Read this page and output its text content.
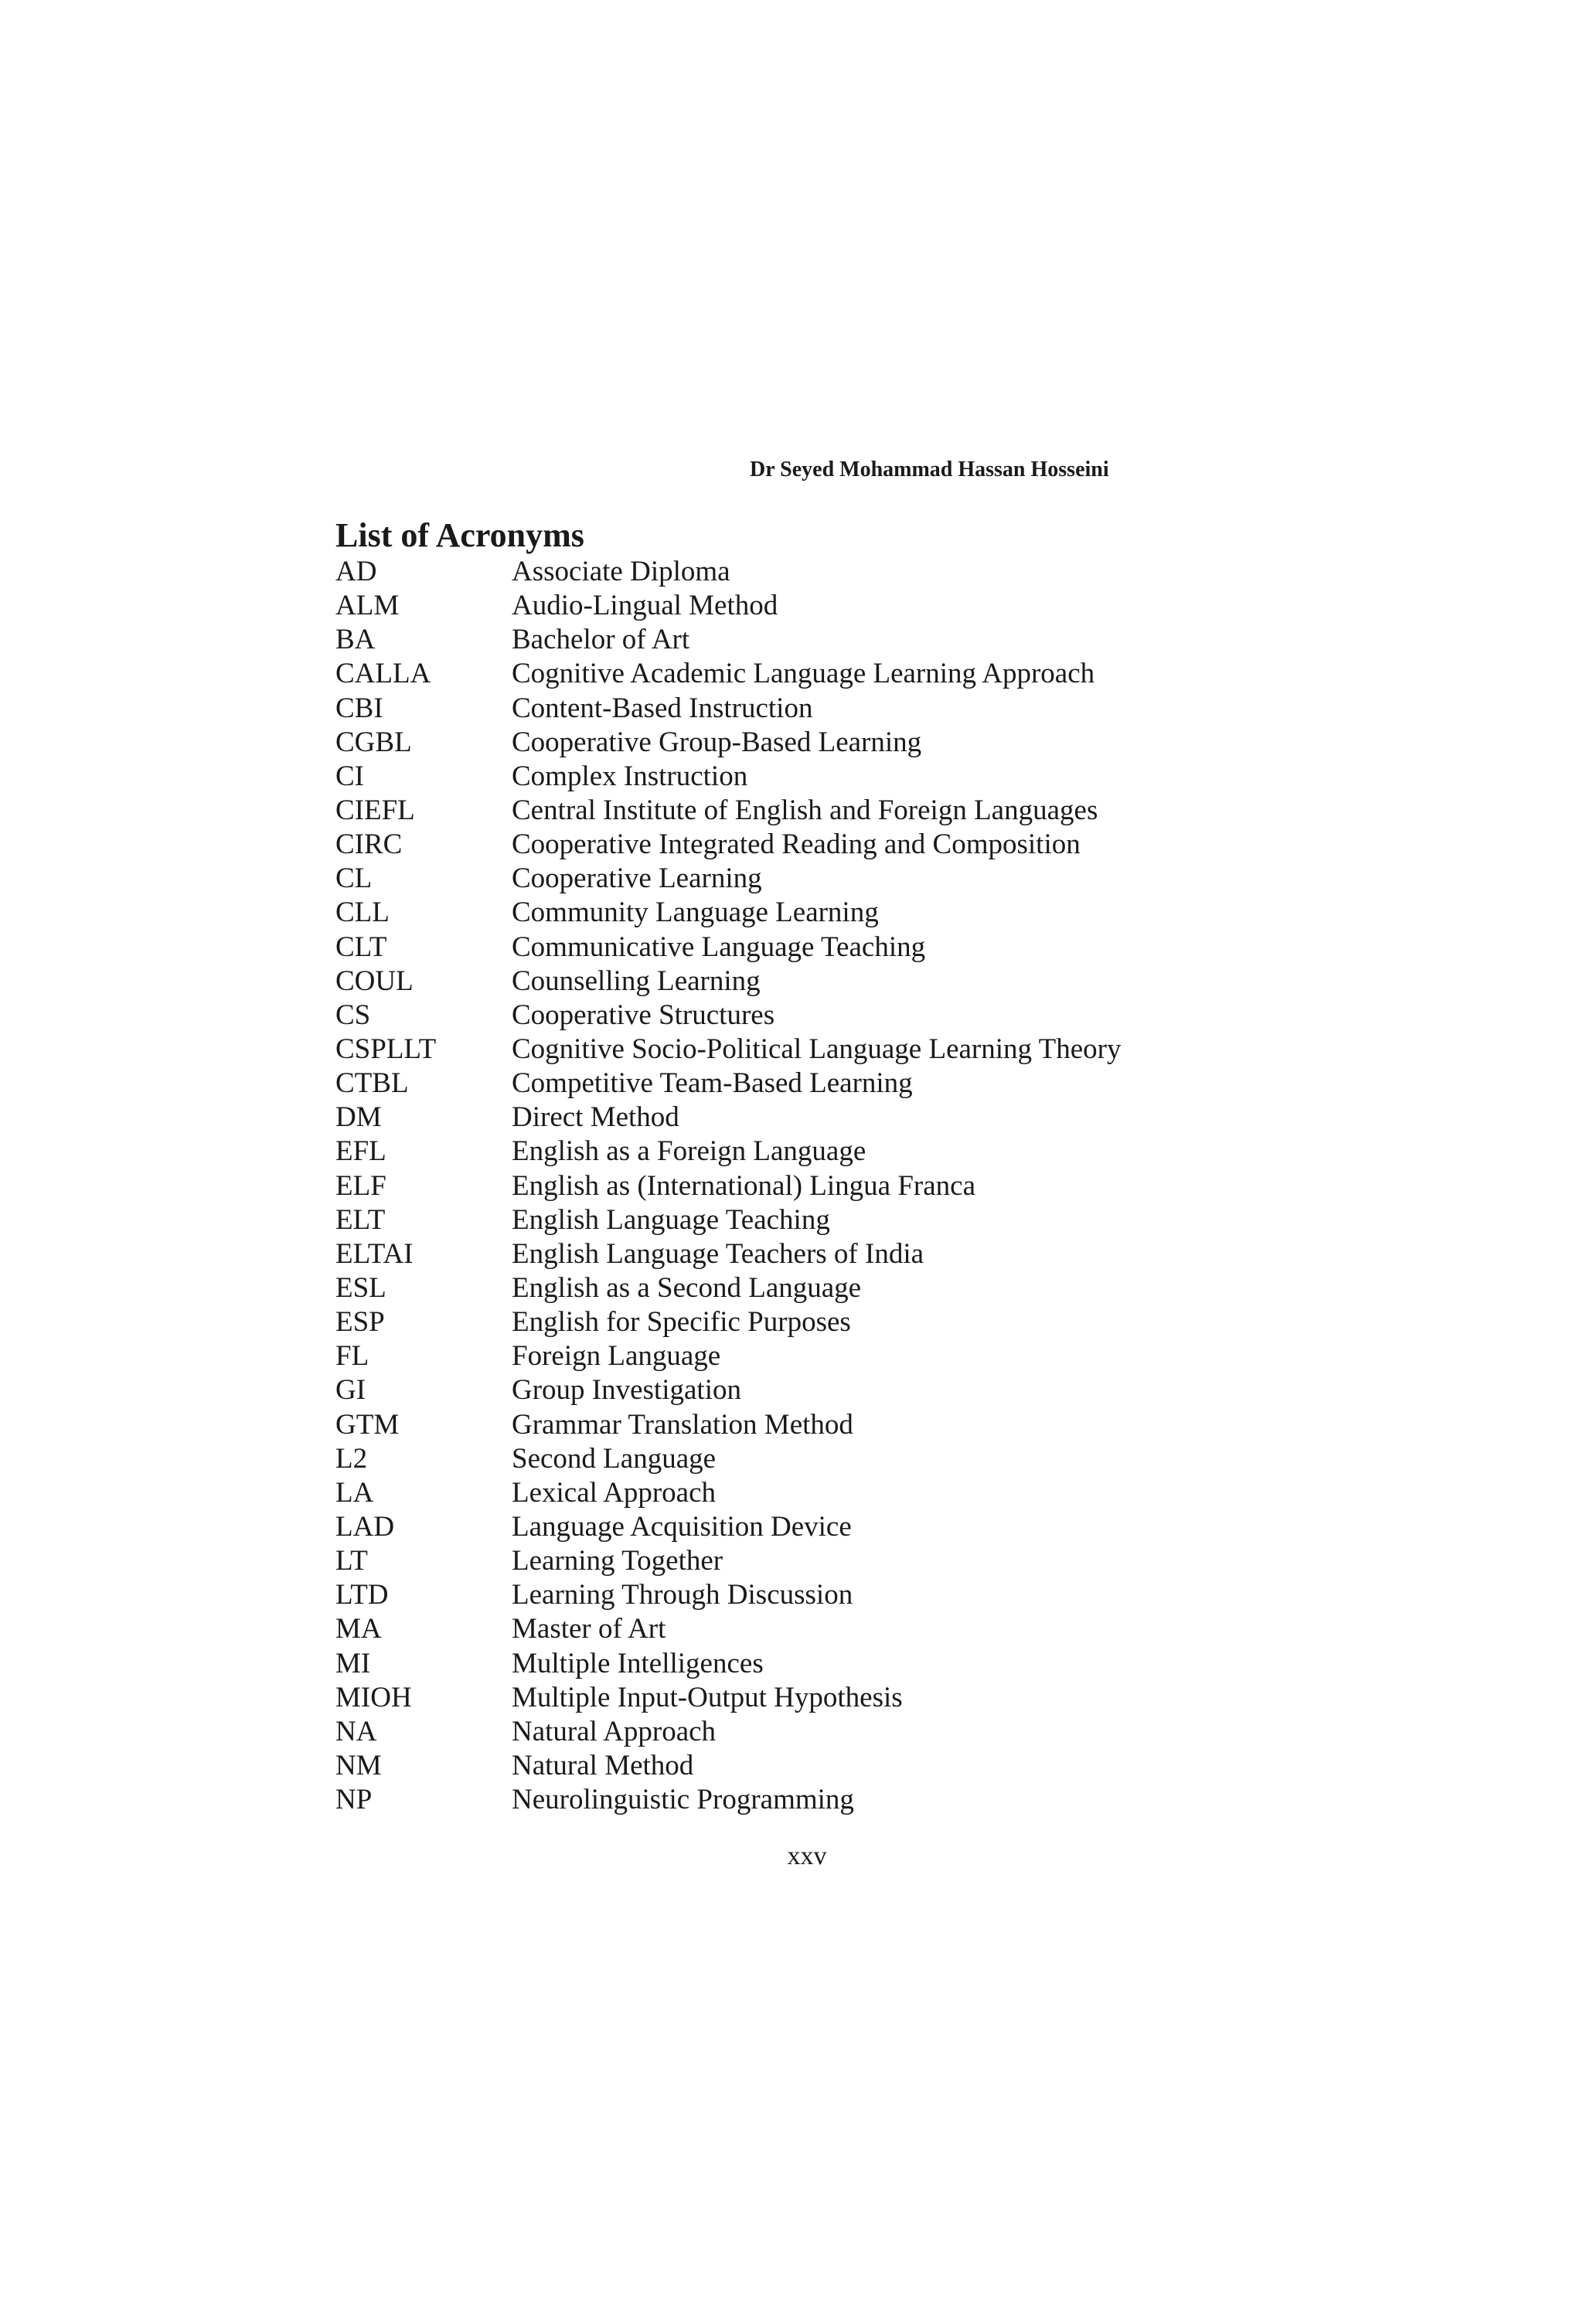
Dr Seyed Mohammad Hassan Hosseini
List of Acronyms
AD	Associate Diploma
ALM	Audio-Lingual Method
BA	Bachelor of Art
CALLA	Cognitive Academic Language Learning Approach
CBI	Content-Based Instruction
CGBL	Cooperative Group-Based Learning
CI	Complex Instruction
CIEFL	Central Institute of English and Foreign Languages
CIRC	Cooperative Integrated Reading and Composition
CL	Cooperative Learning
CLL	Community Language Learning
CLT	Communicative Language Teaching
COUL	Counselling Learning
CS	Cooperative Structures
CSPLLT	Cognitive Socio-Political Language Learning Theory
CTBL	Competitive Team-Based Learning
DM	Direct Method
EFL	English as a Foreign Language
ELF	English as (International) Lingua Franca
ELT	English Language Teaching
ELTAI	English Language Teachers of India
ESL	English as a Second Language
ESP	English for Specific Purposes
FL	Foreign Language
GI	Group Investigation
GTM	Grammar Translation Method
L2	Second Language
LA	Lexical Approach
LAD	Language Acquisition Device
LT	Learning Together
LTD	Learning Through Discussion
MA	Master of Art
MI	Multiple Intelligences
MIOH	Multiple Input-Output Hypothesis
NA	Natural Approach
NM	Natural Method
NP	Neurolinguistic Programming
xxv
